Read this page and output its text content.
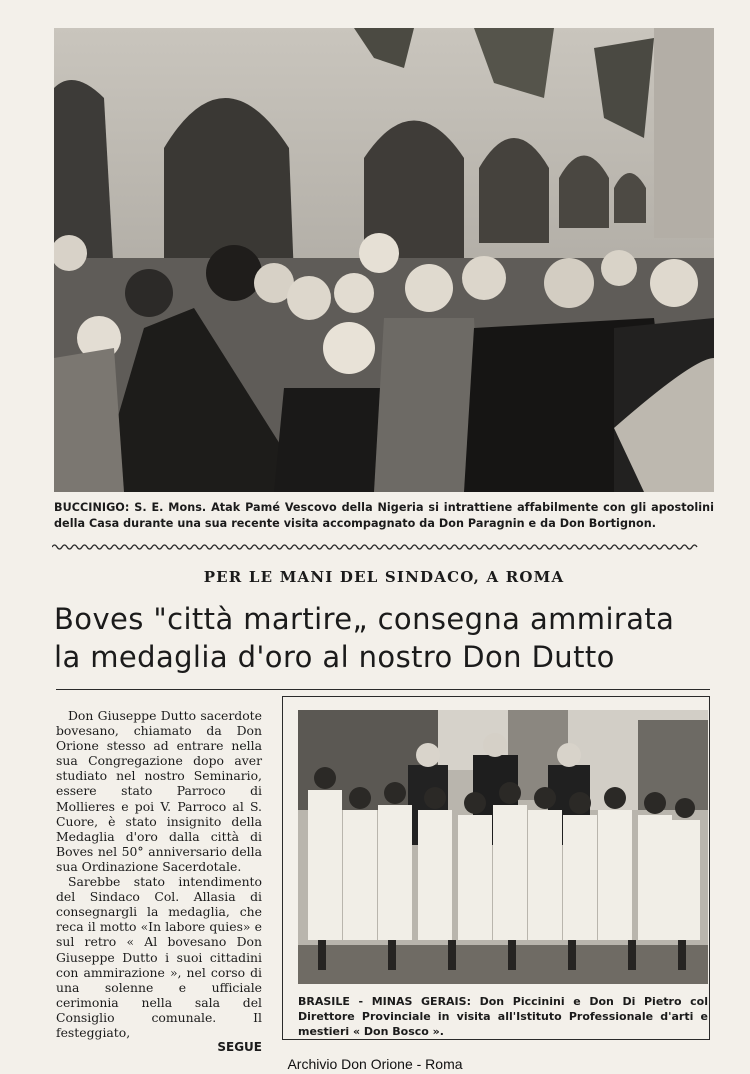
BUCCINIGO: S. E. Mons. Atak Pamé Vescovo della Nigeria si intrattiene affabilmente con gli apostolini della Casa durante una sua recente visita accompagnato da Don Paragnin e da Don Bortignon.
PER LE MANI DEL SINDACO, A ROMA
Boves "città martire„ consegna ammirata
la medaglia d'oro al nostro Don Dutto

Don Giuseppe Dutto sacerdote bovesano, chiamato da Don Orione stesso ad entrare nella sua Congregazione dopo aver studiato nel nostro Seminario, essere stato Parroco di Mollieres e poi V. Parroco al S. Cuore, è stato insignito della Medaglia d'oro dalla città di Boves nel 50° anniversario della sua Ordinazione Sacerdotale.

Sarebbe stato intendimento del Sindaco Col. Allasia di consegnargli la medaglia, che reca il motto «In labore quies» e sul retro « Al bovesano Don Giuseppe Dutto i suoi cittadini con ammirazione », nel corso di una solenne e ufficiale cerimonia nella sala del Consiglio comunale. Il festeggiato,

SEGUE
BRASILE - MINAS GERAIS: Don Piccinini e Don Di Pietro col Direttore Provinciale in visita all'Istituto Professionale d'arti e mestieri « Don Bosco ».
Archivio Don Orione - Roma
